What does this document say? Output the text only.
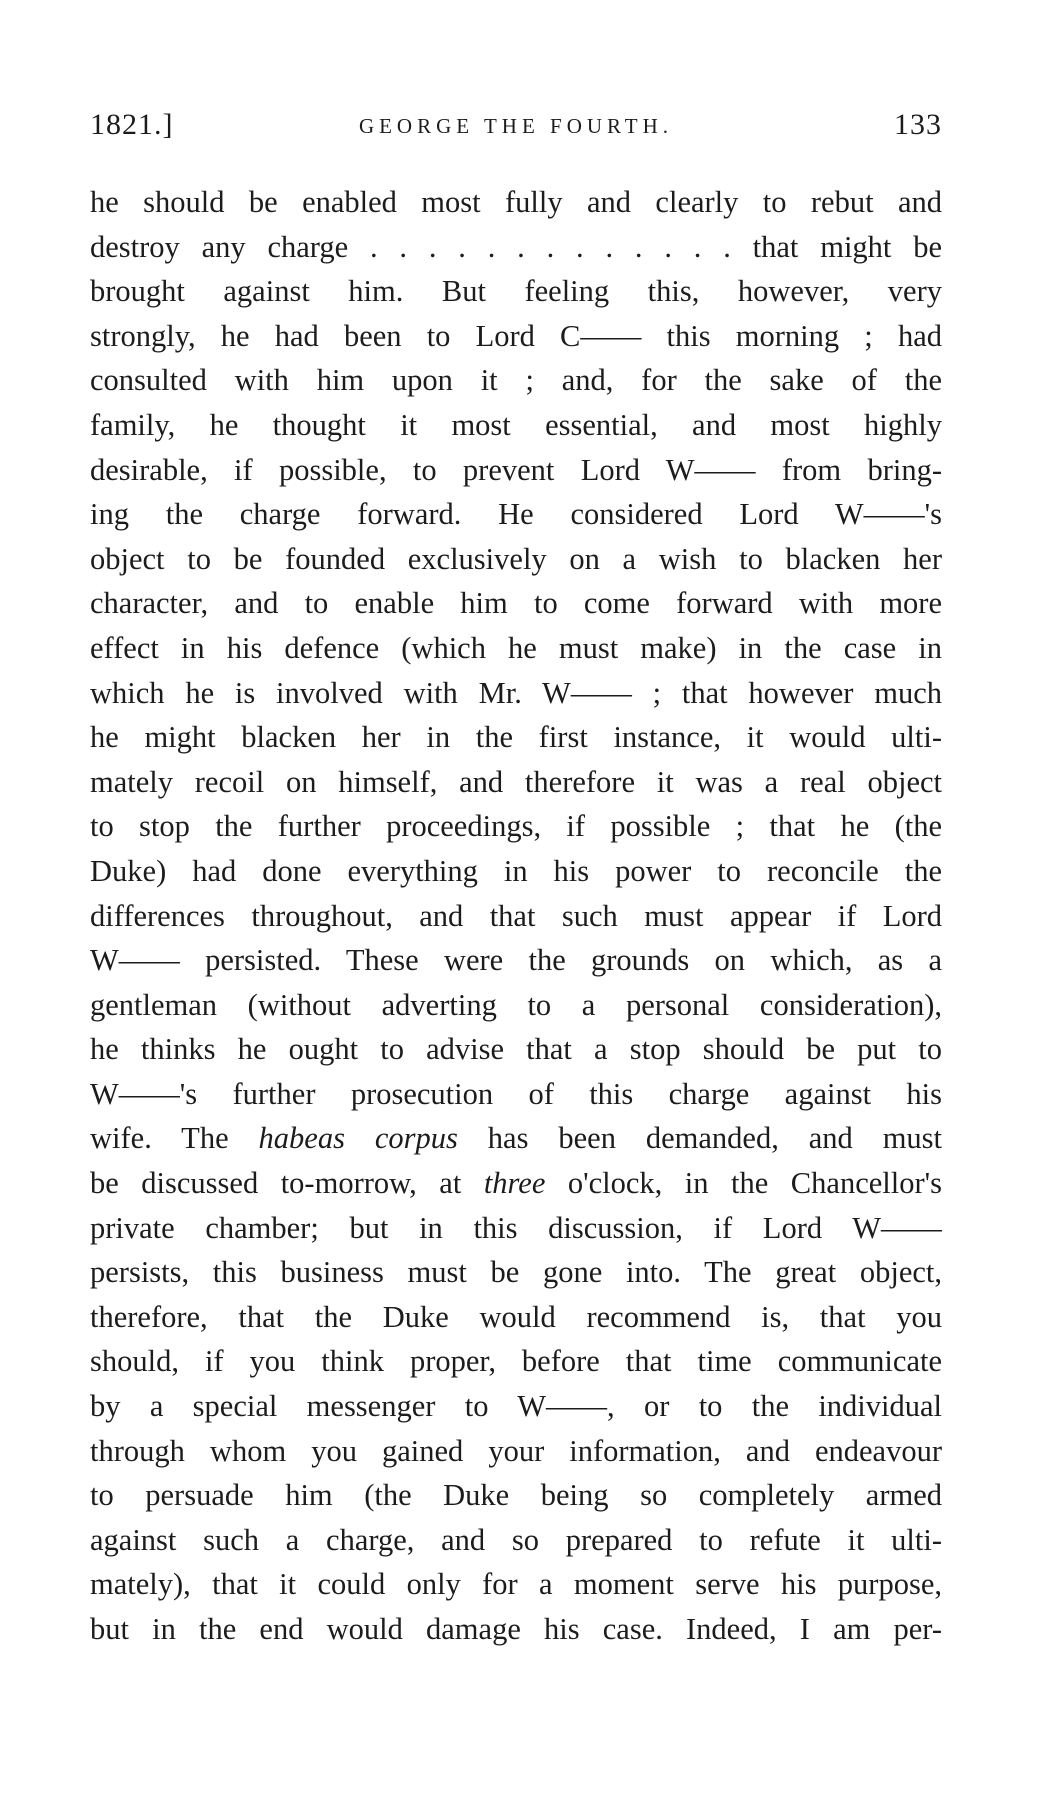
1821.]	GEORGE THE FOURTH.	133
he should be enabled most fully and clearly to rebut and
destroy any charge . . . . . . . . . . . . . that might be
brought against him. But feeling this, however, very
strongly, he had been to Lord C—— this morning ; had
consulted with him upon it ; and, for the sake of the
family, he thought it most essential, and most highly
desirable, if possible, to prevent Lord W—— from bring-
ing the charge forward. He considered Lord W——'s
object to be founded exclusively on a wish to blacken her
character, and to enable him to come forward with more
effect in his defence (which he must make) in the case in
which he is involved with Mr. W—— ; that however much
he might blacken her in the first instance, it would ulti-
mately recoil on himself, and therefore it was a real object
to stop the further proceedings, if possible ; that he (the
Duke) had done everything in his power to reconcile the
differences throughout, and that such must appear if Lord
W—— persisted. These were the grounds on which, as a
gentleman (without adverting to a personal consideration),
he thinks he ought to advise that a stop should be put to
W——'s further prosecution of this charge against his
wife. The habeas corpus has been demanded, and must
be discussed to-morrow, at three o'clock, in the Chancellor's
private chamber; but in this discussion, if Lord W——
persists, this business must be gone into. The great object,
therefore, that the Duke would recommend is, that you
should, if you think proper, before that time communicate
by a special messenger to W——, or to the individual
through whom you gained your information, and endeavour
to persuade him (the Duke being so completely armed
against such a charge, and so prepared to refute it ulti-
mately), that it could only for a moment serve his purpose,
but in the end would damage his case. Indeed, I am per-
